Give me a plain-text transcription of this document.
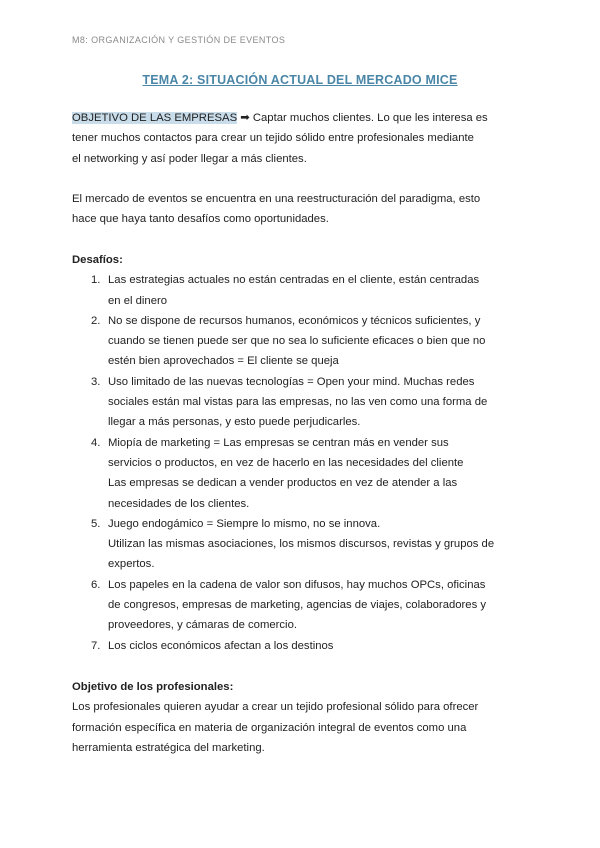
M8: ORGANIZACIÓN Y GESTIÓN DE EVENTOS
TEMA 2: SITUACIÓN ACTUAL DEL MERCADO MICE
OBJETIVO DE LAS EMPRESAS ➡ Captar muchos clientes. Lo que les interesa es
tener muchos contactos para crear un tejido sólido entre profesionales mediante
el networking y así poder llegar a más clientes.
El mercado de eventos se encuentra en una reestructuración del paradigma, esto
hace que haya tanto desafíos como oportunidades.
Desafíos:
1. Las estrategias actuales no están centradas en el cliente, están centradas
en el dinero
2. No se dispone de recursos humanos, económicos y técnicos suficientes, y
cuando se tienen puede ser que no sea lo suficiente eficaces o bien que no
estén bien aprovechados = El cliente se queja
3. Uso limitado de las nuevas tecnologías = Open your mind. Muchas redes
sociales están mal vistas para las empresas, no las ven como una forma de
llegar a más personas, y esto puede perjudicarles.
4. Miopía de marketing = Las empresas se centran más en vender sus
servicios o productos, en vez de hacerlo en las necesidades del cliente
Las empresas se dedican a vender productos en vez de atender a las
necesidades de los clientes.
5. Juego endogámico = Siempre lo mismo, no se innova.
Utilizan las mismas asociaciones, los mismos discursos, revistas y grupos de
expertos.
6. Los papeles en la cadena de valor son difusos, hay muchos OPCs, oficinas
de congresos, empresas de marketing, agencias de viajes, colaboradores y
proveedores, y cámaras de comercio.
7. Los ciclos económicos afectan a los destinos
Objetivo de los profesionales:
Los profesionales quieren ayudar a crear un tejido profesional sólido para ofrecer
formación específica en materia de organización integral de eventos como una
herramienta estratégica del marketing.
